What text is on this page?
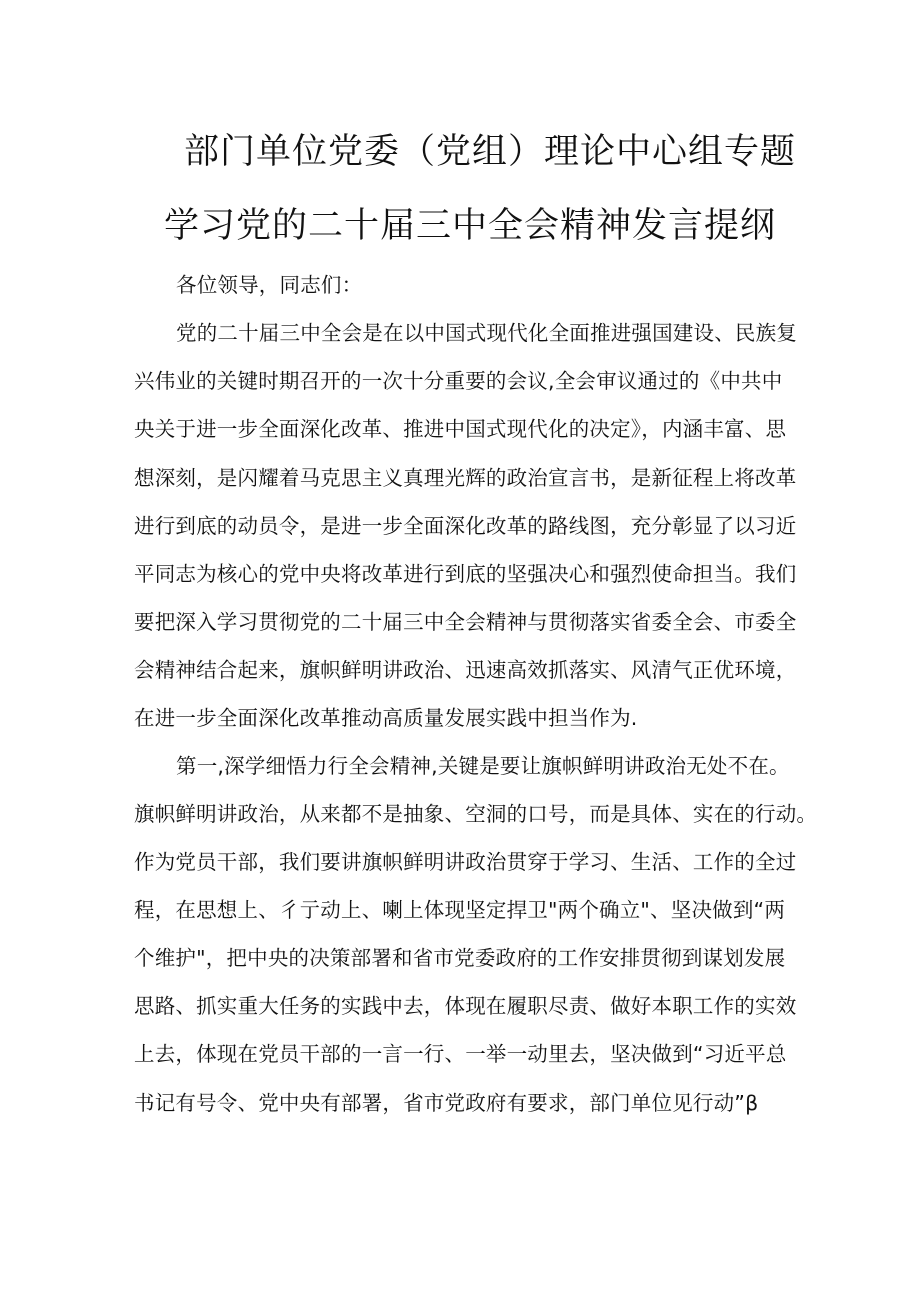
部门单位党委（党组）理论中心组专题
学习党的二十届三中全会精神发言提纲

各位领导，同志们：

党的二十届三中全会是在以中国式现代化全面推进强国建设、民族复

兴伟业的关键时期召开的一次十分重要的会议,全会审议通过的《中共中

央关于进一步全面深化改革、推进中国式现代化的决定》，内涵丰富、思

想深刻，是闪耀着马克思主义真理光辉的政治宣言书，是新征程上将改革

进行到底的动员令，是进一步全面深化改革的路线图，充分彰显了以习近

平同志为核心的党中央将改革进行到底的坚强决心和强烈使命担当。我们

要把深入学习贯彻党的二十届三中全会精神与贯彻落实省委全会、市委全

会精神结合起来，旗帜鲜明讲政治、迅速高效抓落实、风清气正优环境，

在进一步全面深化改革推动高质量发展实践中担当作为.

第一,深学细悟力行全会精神,关键是要让旗帜鲜明讲政治无处不在。

旗帜鲜明讲政治，从来都不是抽象、空洞的口号，而是具体、实在的行动。

作为党员干部，我们要讲旗帜鲜明讲政治贯穿于学习、生活、工作的全过

程，在思想上、彳亍动上、喇上体现坚定捍卫"两个确立"、坚决做到“两

个维护"，把中央的决策部署和省市党委政府的工作安排贯彻到谋划发展

思路、抓实重大任务的实践中去，体现在履职尽责、做好本职工作的实效

上去，体现在党员干部的一言一行、一举一动里去，坚决做到“习近平总

书记有号令、党中央有部署，省市党政府有要求，部门单位见行动”β
